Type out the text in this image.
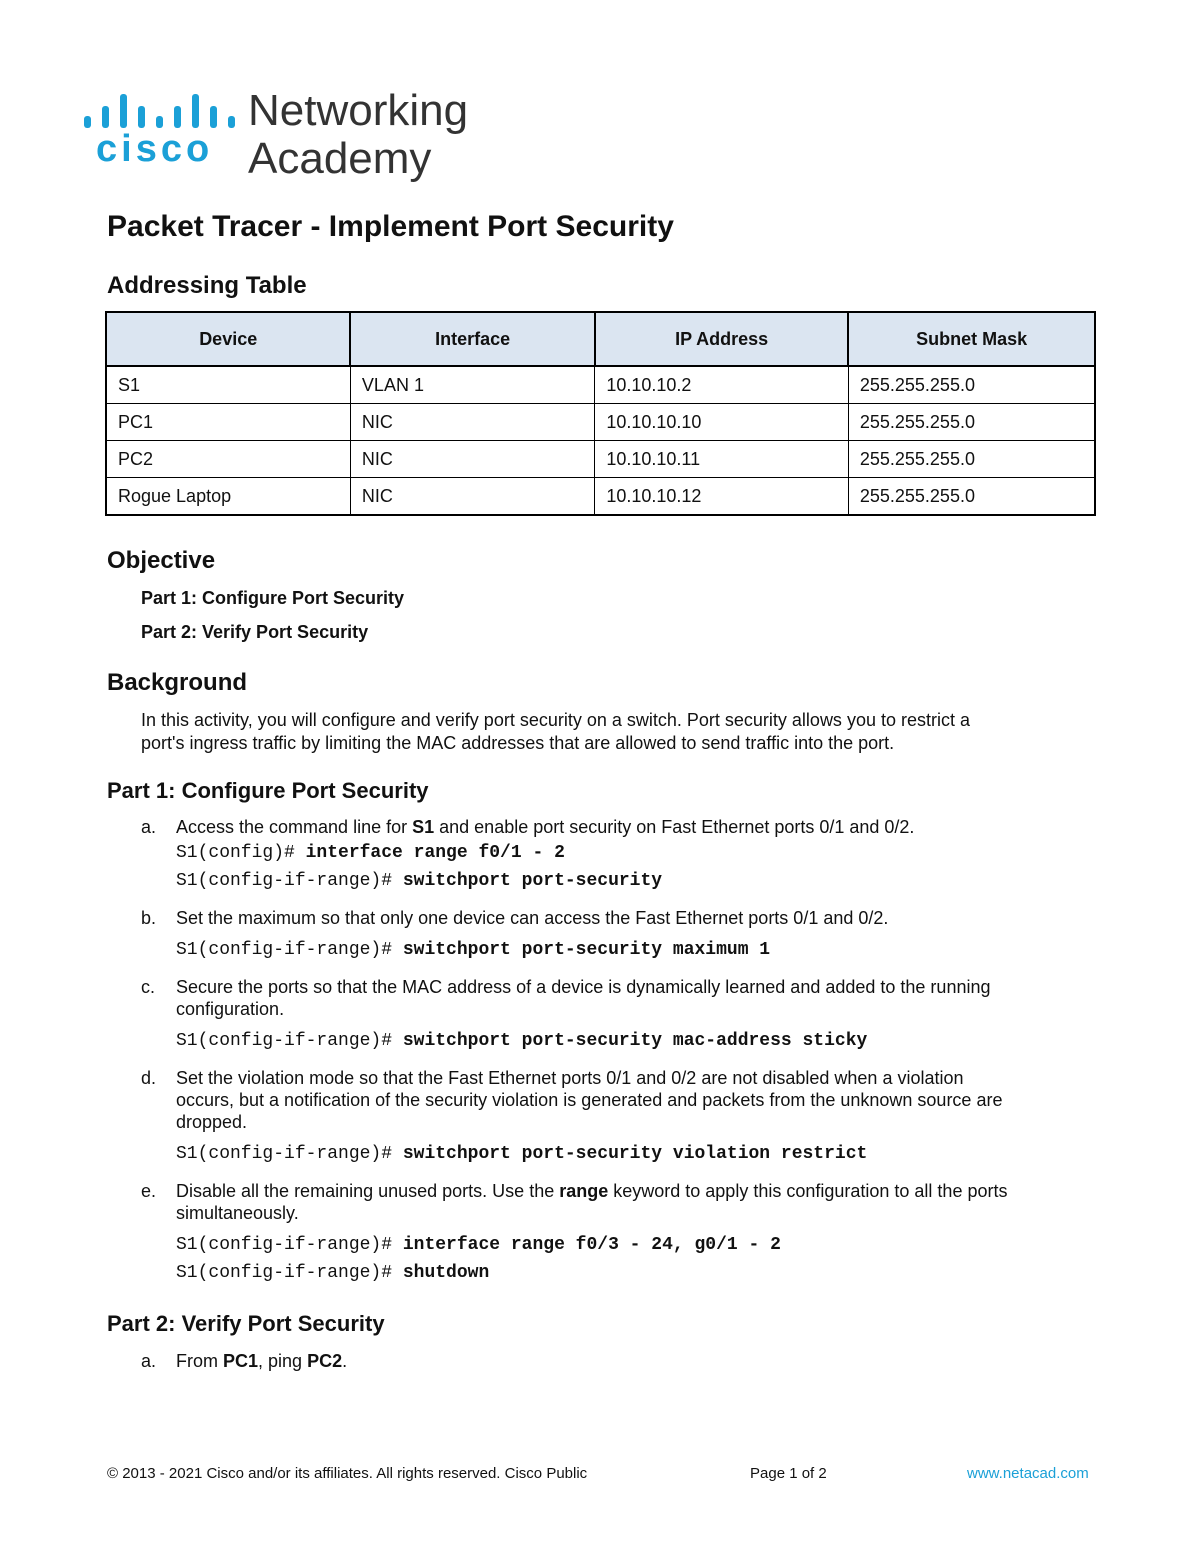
cisco
Networking
Academy
Packet Tracer - Implement Port Security
Addressing Table
Device	Interface	IP Address	Subnet Mask
S1	VLAN 1	10.10.10.2	255.255.255.0
PC1	NIC	10.10.10.10	255.255.255.0
PC2	NIC	10.10.10.11	255.255.255.0
Rogue Laptop	NIC	10.10.10.12	255.255.255.0
Objective
Part 1: Configure Port Security
Part 2: Verify Port Security
Background
In this activity, you will configure and verify port security on a switch. Port security allows you to restrict a
port's ingress traffic by limiting the MAC addresses that are allowed to send traffic into the port.
Part 1: Configure Port Security
a. Access the command line for S1 and enable port security on Fast Ethernet ports 0/1 and 0/2.
S1(config)# interface range f0/1 - 2
S1(config-if-range)# switchport port-security
b. Set the maximum so that only one device can access the Fast Ethernet ports 0/1 and 0/2.
S1(config-if-range)# switchport port-security maximum 1
c. Secure the ports so that the MAC address of a device is dynamically learned and added to the running
configuration.
S1(config-if-range)# switchport port-security mac-address sticky
d. Set the violation mode so that the Fast Ethernet ports 0/1 and 0/2 are not disabled when a violation
occurs, but a notification of the security violation is generated and packets from the unknown source are
dropped.
S1(config-if-range)# switchport port-security violation restrict
e. Disable all the remaining unused ports. Use the range keyword to apply this configuration to all the ports
simultaneously.
S1(config-if-range)# interface range f0/3 - 24, g0/1 - 2
S1(config-if-range)# shutdown
Part 2: Verify Port Security
a. From PC1, ping PC2.
© 2013 - 2021 Cisco and/or its affiliates. All rights reserved. Cisco Public	Page 1 of 2	www.netacad.com
